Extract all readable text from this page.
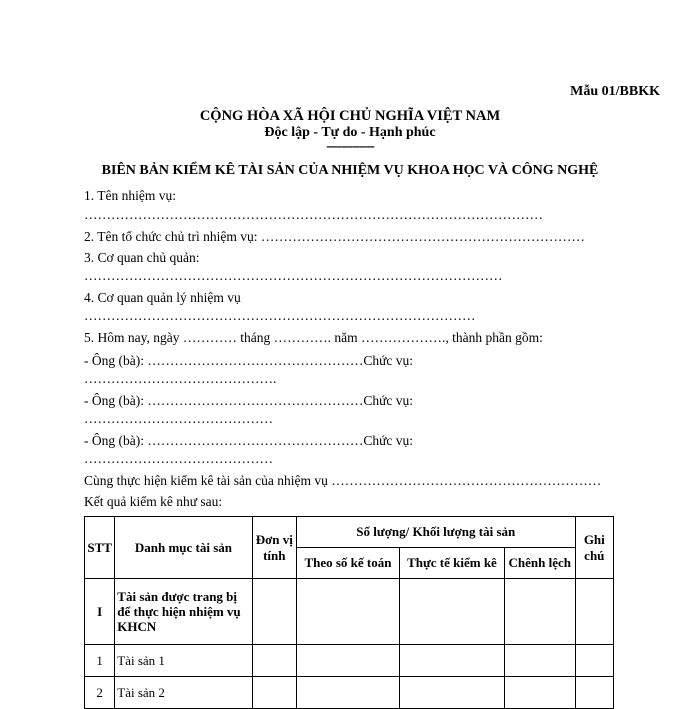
Mẫu 01/BBKK
CỘNG HÒA XÃ HỘI CHỦ NGHĨA VIỆT NAM
Độc lập - Tự do - Hạnh phúc
-------------
BIÊN BẢN KIỂM KÊ TÀI SẢN CỦA NHIỆM VỤ KHOA HỌC VÀ CÔNG NGHỆ
1. Tên nhiệm vụ:
…………………………………………………………………………………………
2. Tên tổ chức chủ trì nhiệm vụ: ………………………………………………………………
3. Cơ quan chủ quản:
…………………………………………………………………………………
4. Cơ quan quản lý nhiệm vụ
……………………………………………………………………………
5. Hôm nay, ngày ………… tháng …………. năm ………………., thành phần gồm:
- Ông (bà): …………………………………………Chức vụ:
…………………………………….
- Ông (bà): …………………………………………Chức vụ:
……………………………………
- Ông (bà): …………………………………………Chức vụ:
……………………………………
Cùng thực hiện kiểm kê tài sản của nhiệm vụ ……………………………………………………
Kết quả kiểm kê như sau:
STT	Danh mục tài sản	Đơn vị tính	Số lượng/ Khối lượng tài sản			Ghi chú
			Theo số kế toán	Thực tế kiểm kê	Chênh lệch	
I	Tài sản được trang bị để thực hiện nhiệm vụ KHCN					
1	Tài sản 1					
2	Tài sản 2					
